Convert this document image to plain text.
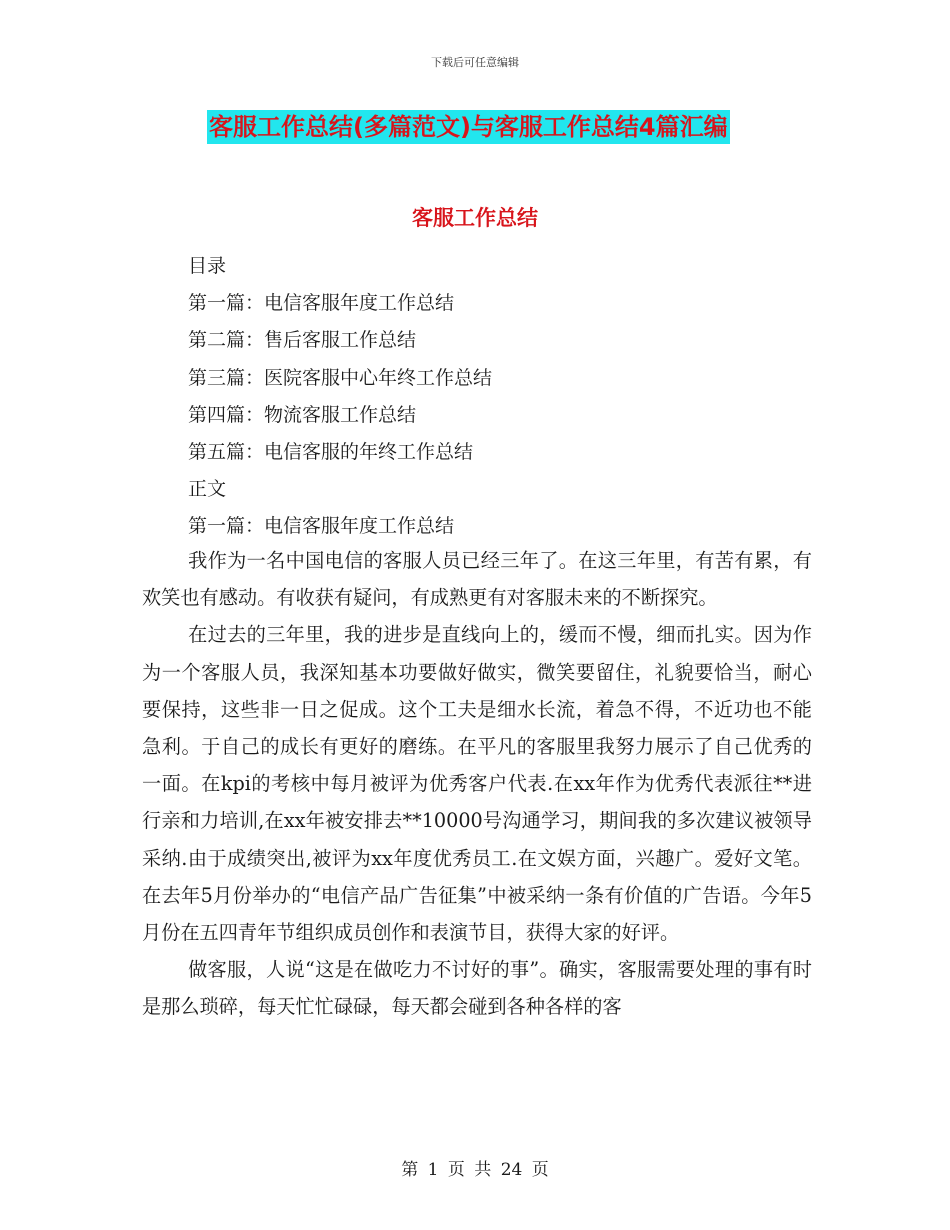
下载后可任意编辑
客服工作总结(多篇范文)与客服工作总结4篇汇编
客服工作总结
目录
第一篇：电信客服年度工作总结
第二篇：售后客服工作总结
第三篇：医院客服中心年终工作总结
第四篇：物流客服工作总结
第五篇：电信客服的年终工作总结
正文
第一篇：电信客服年度工作总结

我作为一名中国电信的客服人员已经三年了。在这三年里，有苦有累，有欢笑也有感动。有收获有疑问，有成熟更有对客服未来的不断探究。

在过去的三年里，我的进步是直线向上的，缓而不慢，细而扎实。因为作为一个客服人员，我深知基本功要做好做实，微笑要留住，礼貌要恰当，耐心要保持，这些非一日之促成。这个工夫是细水长流，着急不得，不近功也不能急利。于自己的成长有更好的磨练。在平凡的客服里我努力展示了自己优秀的一面。在kpi的考核中每月被评为优秀客户代表.在xx年作为优秀代表派往**进行亲和力培训,在xx年被安排去**10000号沟通学习，期间我的多次建议被领导采纳.由于成绩突出,被评为xx年度优秀员工.在文娱方面，兴趣广。爱好文笔。在去年5月份举办的“电信产品广告征集”中被采纳一条有价值的广告语。今年5月份在五四青年节组织成员创作和表演节目，获得大家的好评。

做客服，人说“这是在做吃力不讨好的事”。确实，客服需要处理的事有时是那么琐碎，每天忙忙碌碌，每天都会碰到各种各样的客

第 1 页 共 24 页
